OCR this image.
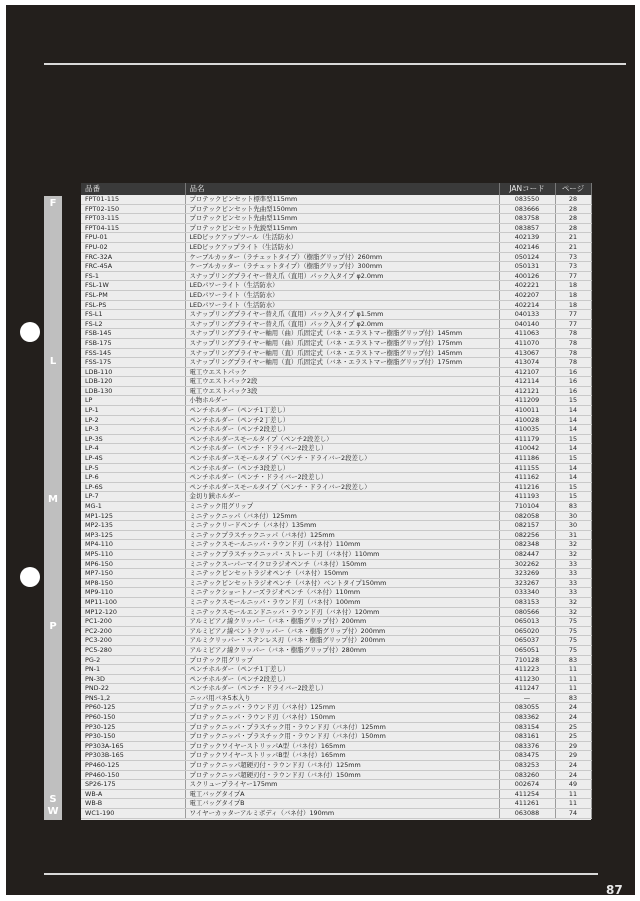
F
L
M
P
S
W
品番	品名	JANコード	ページ
FPT01-115	プロテックピンセット標準型115mm	083550	28
FPT02-150	プロテックピンセット先曲型150mm	083666	28
FPT03-115	プロテックピンセット先曲型115mm	083758	28
FPT04-115	プロテックピンセット先鋭型115mm	083857	28
FPU-01	LEDピックアップツール（生活防水）	402139	21
FPU-02	LEDピックアップライト（生活防水）	402146	21
FRC-32A	ケーブルカッター（ラチェットタイプ）（樹脂グリップ付）260mm	050124	73
FRC-45A	ケーブルカッター（ラチェットタイプ）（樹脂グリップ付）300mm	050131	73
FS-1	スナップリングプライヤー替え爪（直用）パック入タイプ φ2.0mm	400126	77
FSL-1W	LEDパワーライト（生活防水）	402221	18
FSL-PM	LEDパワーライト（生活防水）	402207	18
FSL-PS	LEDパワーライト（生活防水）	402214	18
FS-L1	スナップリングプライヤー替え爪（直用）パック入タイプ φ1.5mm	040133	77
FS-L2	スナップリングプライヤー替え爪（直用）パック入タイプ φ2.0mm	040140	77
FSB-145	スナップリングプライヤー軸用（曲）爪固定式（バネ・エラストマー樹脂グリップ付）145mm	411063	78
FSB-175	スナップリングプライヤー軸用（曲）爪固定式（バネ・エラストマー樹脂グリップ付）175mm	411070	78
FSS-145	スナップリングプライヤー軸用（直）爪固定式（バネ・エラストマー樹脂グリップ付）145mm	413067	78
FSS-175	スナップリングプライヤー軸用（直）爪固定式（バネ・エラストマー樹脂グリップ付）175mm	413074	78
LDB-110	電工ウエストパック	412107	16
LDB-120	電工ウエストパック2段	412114	16
LDB-130	電工ウエストパック3段	412121	16
LP	小物ホルダー	411209	15
LP-1	ペンチホルダー（ペンチ1丁差し）	410011	14
LP-2	ペンチホルダー（ペンチ2丁差し）	410028	14
LP-3	ペンチホルダー（ペンチ2段差し）	410035	14
LP-3S	ペンチホルダースモールタイプ（ペンチ2段差し）	411179	15
LP-4	ペンチホルダー（ペンチ・ドライバー2段差し）	410042	14
LP-4S	ペンチホルダースモールタイプ（ペンチ・ドライバー2段差し）	411186	15
LP-5	ペンチホルダー（ペンチ3段差し）	411155	14
LP-6	ペンチホルダー（ペンチ・ドライバー2段差し）	411162	14
LP-6S	ペンチホルダースモールタイプ（ペンチ・ドライバー2段差し）	411216	15
LP-7	金切り鋏ホルダー	411193	15
MG-1	ミニテック用グリップ	710104	83
MP1-125	ミニテックニッパ（バネ付）125mm	082058	30
MP2-135	ミニテックリードペンチ（バネ付）135mm	082157	30
MP3-125	ミニテックプラスチックニッパ（バネ付）125mm	082256	31
MP4-110	ミニテックスモールニッパ・ラウンド刃（バネ付）110mm	082348	32
MP5-110	ミニテックプラスチックニッパ・ストレート刃（バネ付）110mm	082447	32
MP6-150	ミニテックスーパーマイクロラジオペンチ（バネ付）150mm	302262	33
MP7-150	ミニテックピンセットラジオペンチ（バネ付）150mm	323269	33
MP8-150	ミニテックピンセットラジオペンチ（バネ付）ベントタイプ150mm	323267	33
MP9-110	ミニテックショートノーズラジオペンチ（バネ付）110mm	033340	33
MP11-100	ミニテックスモールニッパ・ラウンド刃（バネ付）100mm	083153	32
MP12-120	ミニテックスモールエンドニッパ・ラウンド刃（バネ付）120mm	080566	32
PC1-200	アルミピアノ線クリッパー（バネ・樹脂グリップ付）200mm	065013	75
PC2-200	アルミピアノ線ベントクリッパー（バネ・樹脂グリップ付）200mm	065020	75
PC3-200	アルミクリッパー・ステンレス刃（バネ・樹脂グリップ付）200mm	065037	75
PC5-280	アルミピアノ線クリッパー（バネ・樹脂グリップ付）280mm	065051	75
PG-2	プロテック用グリップ	710128	83
PN-1	ペンチホルダー（ペンチ1丁差し）	411223	11
PN-3D	ペンチホルダー（ペンチ2段差し）	411230	11
PND-22	ペンチホルダー（ペンチ・ドライバー2段差し）	411247	11
PNS-1,2	ニッパ用バネ5本入り	—	83
PP60-125	プロテックニッパ・ラウンド刃（バネ付）125mm	083055	24
PP60-150	プロテックニッパ・ラウンド刃（バネ付）150mm	083362	24
PP30-125	プロテックニッパ・プラスチック用・ラウンド刃（バネ付）125mm	083154	25
PP30-150	プロテックニッパ・プラスチック用・ラウンド刃（バネ付）150mm	083161	25
PP303A-165	プロテックワイヤーストリッパA型（バネ付）165mm	083376	29
PP303B-165	プロテックワイヤーストリッパB型（バネ付）165mm	083475	29
PP460-125	プロテックニッパ超硬刃付・ラウンド刃（バネ付）125mm	083253	24
PP460-150	プロテックニッパ超硬刃付・ラウンド刃（バネ付）150mm	083260	24
SP26-175	スクリュープライヤー175mm	002674	49
WB-A	電工バッグタイプA	411254	11
WB-B	電工バッグタイプB	411261	11
WC1-190	ワイヤーカッターアルミボディ（バネ付）190mm	063088	74
87
